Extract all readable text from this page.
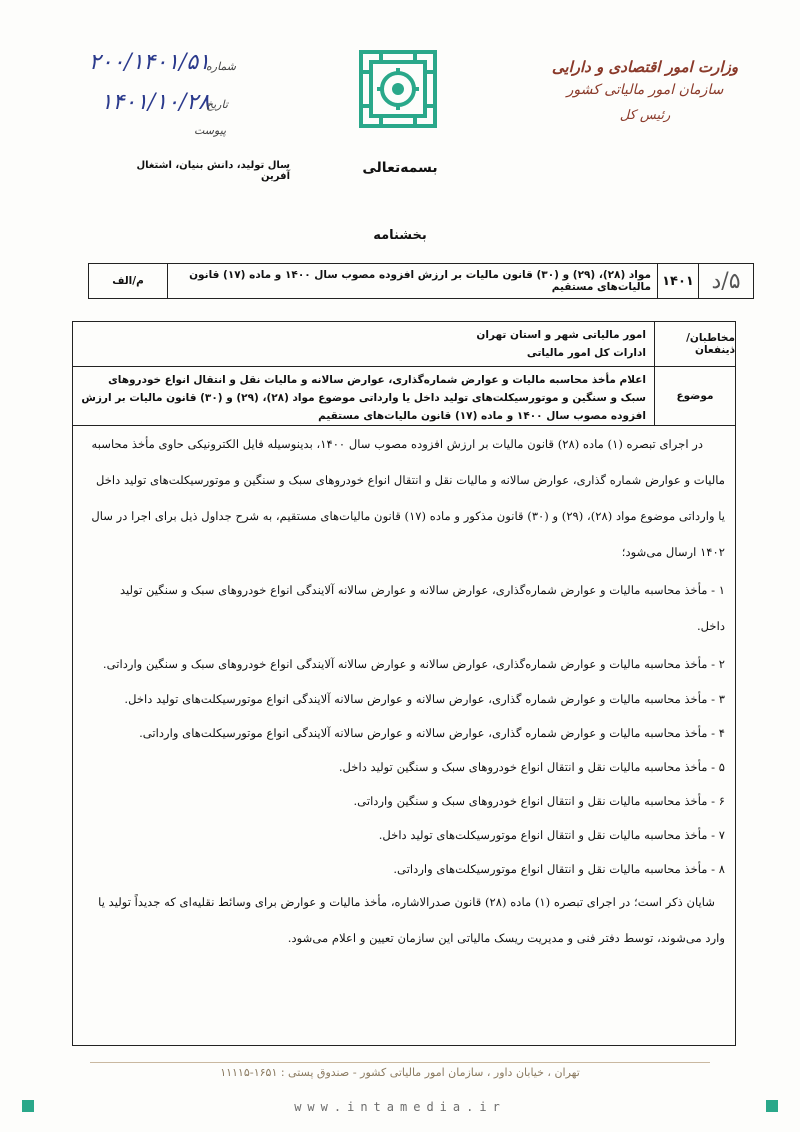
۲۰۰/۱۴۰۱/۵۱
شماره
۱۴۰۱/۱۰/۲۸
تاریخ
پیوست
وزارت امور اقتصادی و دارایی
سازمان امور مالیاتی کشور
رئیس کل
بسمه‌تعالی
سال تولید، دانش بنیان، اشتغال آفرین
بخشنامه
۵/د
۱۴۰۱
مواد (۲۸)، (۲۹) و (۳۰) قانون مالیات بر ارزش افزوده مصوب سال ۱۴۰۰ و ماده (۱۷) قانون مالیات‌های مستقیم
م/الف
مخاطبان/ذینفعان
امور مالیاتی شهر و استان تهران
ادارات کل امور مالیاتی
موضوع
اعلام مأخذ محاسبه مالیات و عوارض شماره‌گذاری، عوارض سالانه و مالیات نقل و انتقال انواع خودروهای سبک و سنگین و موتورسیکلت‌های تولید داخل یا وارداتی موضوع مواد (۲۸)، (۲۹) و (۳۰) قانون مالیات بر ارزش افزوده مصوب سال ۱۴۰۰ و ماده (۱۷) قانون مالیات‌های مستقیم

در اجرای تبصره (۱) ماده (۲۸) قانون مالیات بر ارزش افزوده مصوب سال ۱۴۰۰، بدینوسیله فایل الکترونیکی حاوی مأخذ محاسبه مالیات و عوارض شماره گذاری، عوارض سالانه و مالیات نقل و انتقال انواع خودروهای سبک و سنگین و موتورسیکلت‌های تولید داخل یا وارداتی موضوع مواد (۲۸)، (۲۹) و (۳۰) قانون مذکور و ماده (۱۷) قانون مالیات‌های مستقیم، به شرح جداول ذیل برای اجرا در سال ۱۴۰۲ ارسال می‌شود؛

۱ - مأخذ محاسبه مالیات و عوارض شماره‌گذاری، عوارض سالانه و عوارض سالانه آلایندگی انواع خودروهای سبک و سنگین تولید داخل.

۲ - مأخذ محاسبه مالیات و عوارض شماره‌گذاری، عوارض سالانه و عوارض سالانه آلایندگی انواع خودروهای سبک و سنگین وارداتی.

۳ - مأخذ محاسبه مالیات و عوارض شماره گذاری، عوارض سالانه و عوارض سالانه آلایندگی انواع موتورسیکلت‌های تولید داخل.

۴ - مأخذ محاسبه مالیات و عوارض شماره گذاری، عوارض سالانه و عوارض سالانه آلایندگی انواع موتورسیکلت‌های وارداتی.

۵ - مأخذ محاسبه مالیات نقل و انتقال انواع خودروهای سبک و سنگین تولید داخل.

۶ - مأخذ محاسبه مالیات نقل و انتقال انواع خودروهای سبک و سنگین وارداتی.

۷ - مأخذ محاسبه مالیات نقل و انتقال انواع موتورسیکلت‌های تولید داخل.

۸ - مأخذ محاسبه مالیات نقل و انتقال انواع موتورسیکلت‌های وارداتی.

شایان ذکر است؛ در اجرای تبصره (۱) ماده (۲۸) قانون صدرالاشاره، مأخذ مالیات و عوارض برای وسائط نقلیه‌ای که جدیداً تولید یا وارد می‌شوند، توسط دفتر فنی و مدیریت ریسک مالیاتی این سازمان تعیین و اعلام می‌شود.

تهران ، خیابان داور ، سازمان امور مالیاتی کشور - صندوق پستی : ۱۶۵۱-۱۱۱۱۵
www.intamedia.ir
